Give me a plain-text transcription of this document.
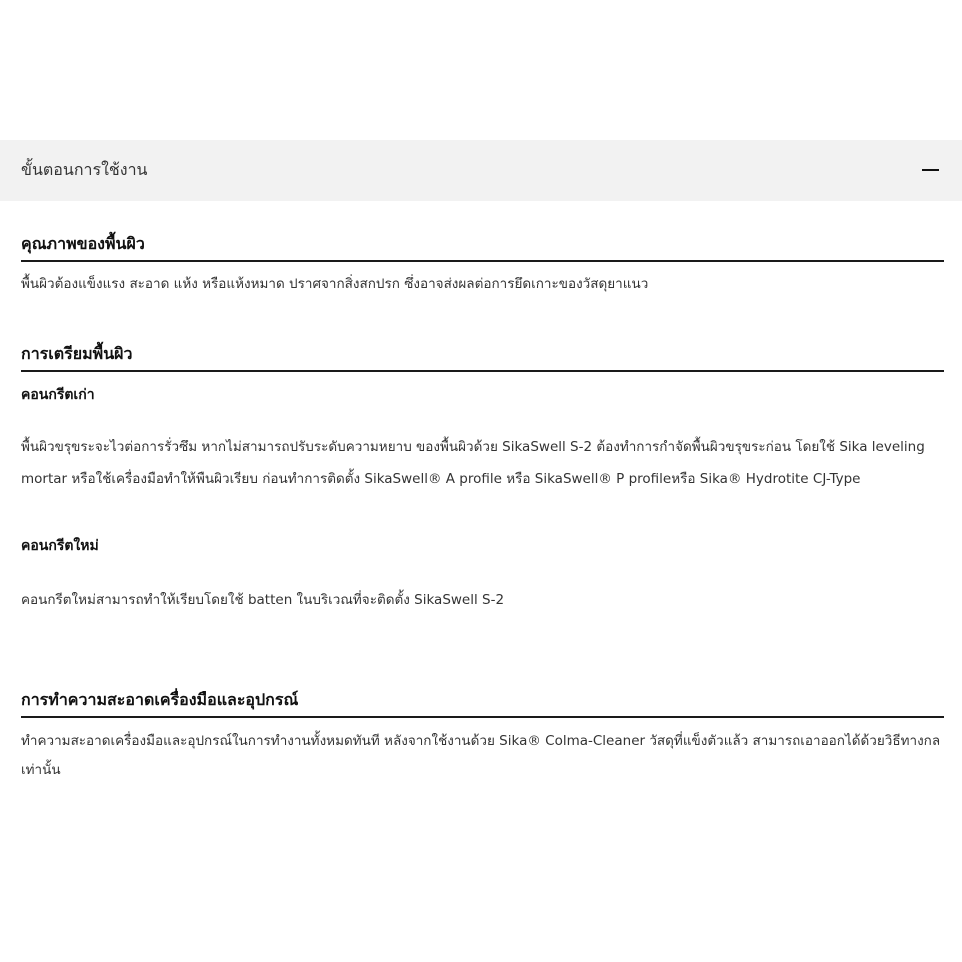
ขั้นตอนการใช้งาน
คุณภาพของพื้นผิว
พื้นผิวต้องแข็งแรง สะอาด แห้ง หรือแห้งหมาด ปราศจากสิ่งสกปรก ซึ่งอาจส่งผลต่อการยึดเกาะของวัสดุยาแนว
การเตรียมพื้นผิว
คอนกรีตเก่า
พื้นผิวขรุขระจะไวต่อการรั่วซึม หากไม่สามารถปรับระดับความหยาบ ของพื้นผิวด้วย SikaSwell S-2 ต้องทำการกำจัดพื้นผิวขรุขระก่อน โดยใช้ Sika leveling mortar หรือใช้เครื่องมือทำให้พืนผิวเรียบ ก่อนทำการติดตั้ง SikaSwell® A profile หรือ SikaSwell® P profileหรือ Sika® Hydrotite CJ-Type
คอนกรีตใหม่
คอนกรีตใหม่สามารถทำให้เรียบโดยใช้ batten ในบริเวณที่จะติดตั้ง SikaSwell S-2
การทำความสะอาดเครื่องมือและอุปกรณ์
ทำความสะอาดเครื่องมือและอุปกรณ์ในการทำงานทั้งหมดทันที หลังจากใช้งานด้วย Sika® Colma-Cleaner วัสดุที่แข็งตัวแล้ว สามารถเอาออกได้ด้วยวิธีทางกลเท่านั้น
